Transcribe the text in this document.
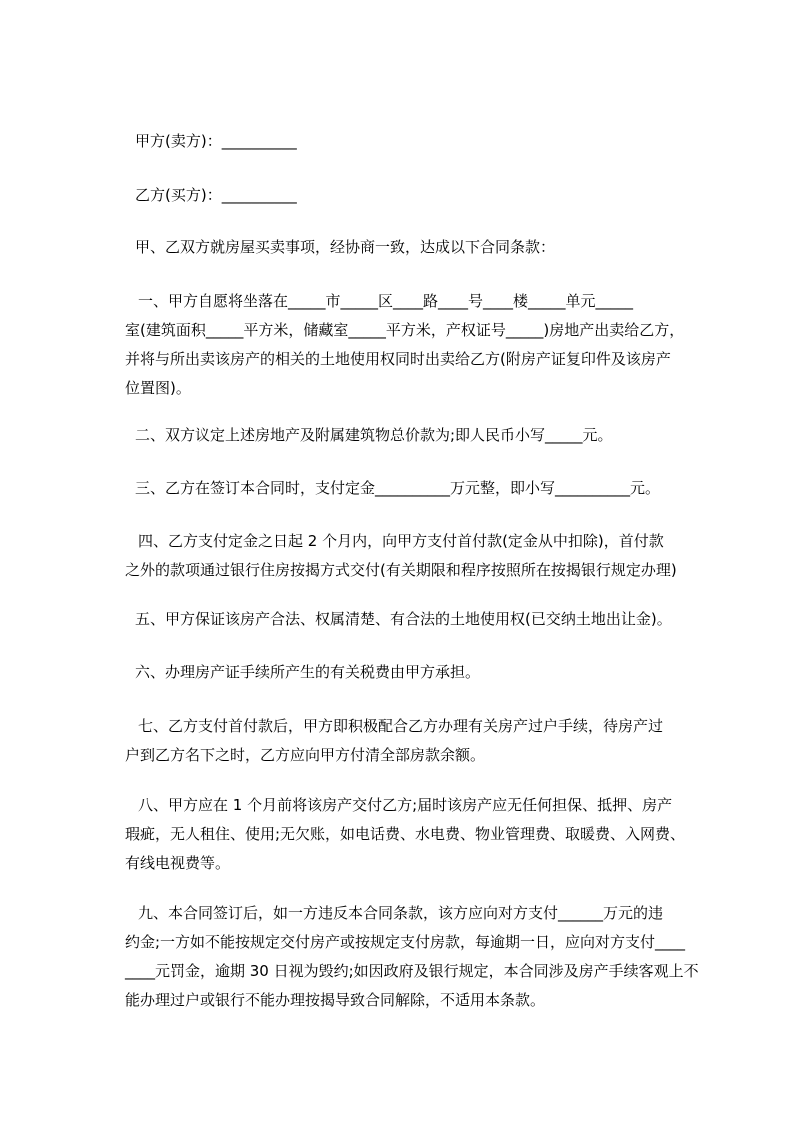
甲方(卖方)：__________

乙方(买方)：__________

甲、乙双方就房屋买卖事项，经协商一致，达成以下合同条款：

一、甲方自愿将坐落在_____市_____区____路____号____楼_____单元_____
室(建筑面积_____平方米，储藏室_____平方米，产权证号_____)房地产出卖给乙方，
并将与所出卖该房产的相关的土地使用权同时出卖给乙方(附房产证复印件及该房产
位置图)。

二、双方议定上述房地产及附属建筑物总价款为;即人民币小写_____元。

三、乙方在签订本合同时，支付定金__________万元整，即小写__________元。

四、乙方支付定金之日起 2 个月内，向甲方支付首付款(定金从中扣除)，首付款
之外的款项通过银行住房按揭方式交付(有关期限和程序按照所在按揭银行规定办理)

五、甲方保证该房产合法、权属清楚、有合法的土地使用权(已交纳土地出让金)。

六、办理房产证手续所产生的有关税费由甲方承担。

七、乙方支付首付款后，甲方即积极配合乙方办理有关房产过户手续，待房产过
户到乙方名下之时，乙方应向甲方付清全部房款余额。

八、甲方应在 1 个月前将该房产交付乙方;届时该房产应无任何担保、抵押、房产
瑕疵，无人租住、使用;无欠账，如电话费、水电费、物业管理费、取暖费、入网费、
有线电视费等。

九、本合同签订后，如一方违反本合同条款，该方应向对方支付______万元的违
约金;一方如不能按规定交付房产或按规定支付房款，每逾期一日，应向对方支付____
____元罚金，逾期 30 日视为毁约;如因政府及银行规定，本合同涉及房产手续客观上不
能办理过户或银行不能办理按揭导致合同解除，不适用本条款。
